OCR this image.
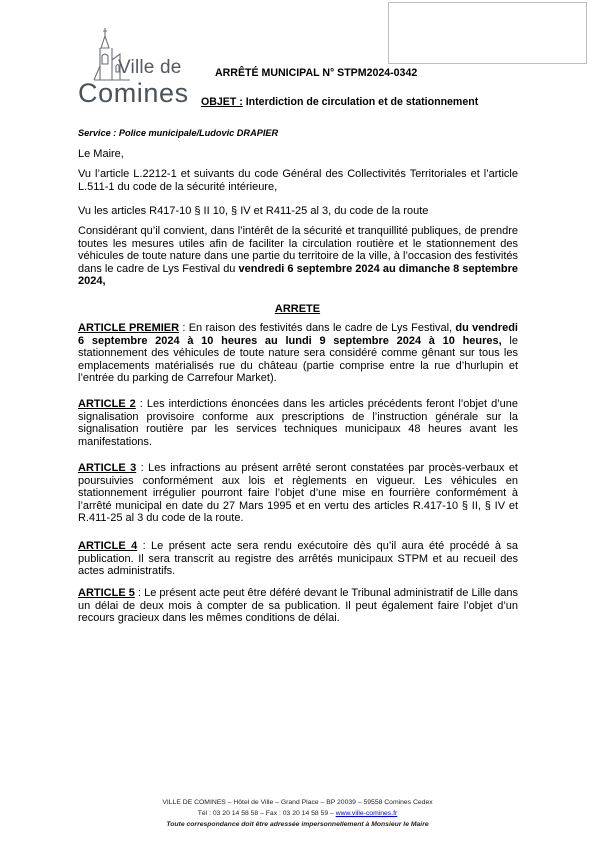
Ville de
Comines
ARRÊTÉ MUNICIPAL N° STPM2024-0342
OBJET : Interdiction de circulation et de stationnement
Service : Police municipale/Ludovic DRAPIER
Le Maire,
Vu l’article L.2212-1 et suivants du code Général des Collectivités Territoriales et l’article L.511-1 du code de la sécurité intérieure,
Vu les articles R417-10 § II 10, § IV et R411-25 al 3, du code de la route
Considérant qu’il convient, dans l’intérêt de la sécurité et tranquillité publiques, de prendre toutes les mesures utiles afin de faciliter la circulation routière et le stationnement des véhicules de toute nature dans une partie du territoire de la ville, à l’occasion des festivités dans le cadre de Lys Festival du vendredi 6 septembre 2024 au dimanche 8 septembre 2024,
ARRETE
ARTICLE PREMIER : En raison des festivités dans le cadre de Lys Festival, du vendredi 6 septembre 2024 à 10 heures au lundi 9 septembre 2024 à 10 heures, le stationnement des véhicules de toute nature sera considéré comme gênant sur tous les emplacements matérialisés rue du château (partie comprise entre la rue d’hurlupin et l’entrée du parking de Carrefour Market).
ARTICLE 2 : Les interdictions énoncées dans les articles précédents feront l’objet d’une signalisation provisoire conforme aux prescriptions de l’instruction générale sur la signalisation routière par les services techniques municipaux 48 heures avant les manifestations.
ARTICLE 3 : Les infractions au présent arrêté seront constatées par procès-verbaux et poursuivies conformément aux lois et règlements en vigueur. Les véhicules en stationnement irrégulier pourront faire l’objet d’une mise en fourrière conformément à l’arrêté municipal en date du 27 Mars 1995 et en vertu des articles R.417-10 § II, § IV et R.411-25 al 3 du code de la route.
ARTICLE 4 : Le présent acte sera rendu exécutoire dès qu’il aura été procédé à sa publication. Il sera transcrit au registre des arrêtés municipaux STPM et au recueil des actes administratifs.
ARTICLE 5 : Le présent acte peut être déféré devant le Tribunal administratif de Lille dans un délai de deux mois à compter de sa publication. Il peut également faire l’objet d’un recours gracieux dans les mêmes conditions de délai.
VILLE DE COMINES – Hôtel de Ville – Grand Place – BP 20039 – 59558 Comines Cedex
Tél : 03 20 14 58 58 – Fax : 03 20 14 58 59 – www.ville-comines.fr
Toute correspondance doit être adressée impersonnellement à Monsieur le Maire
